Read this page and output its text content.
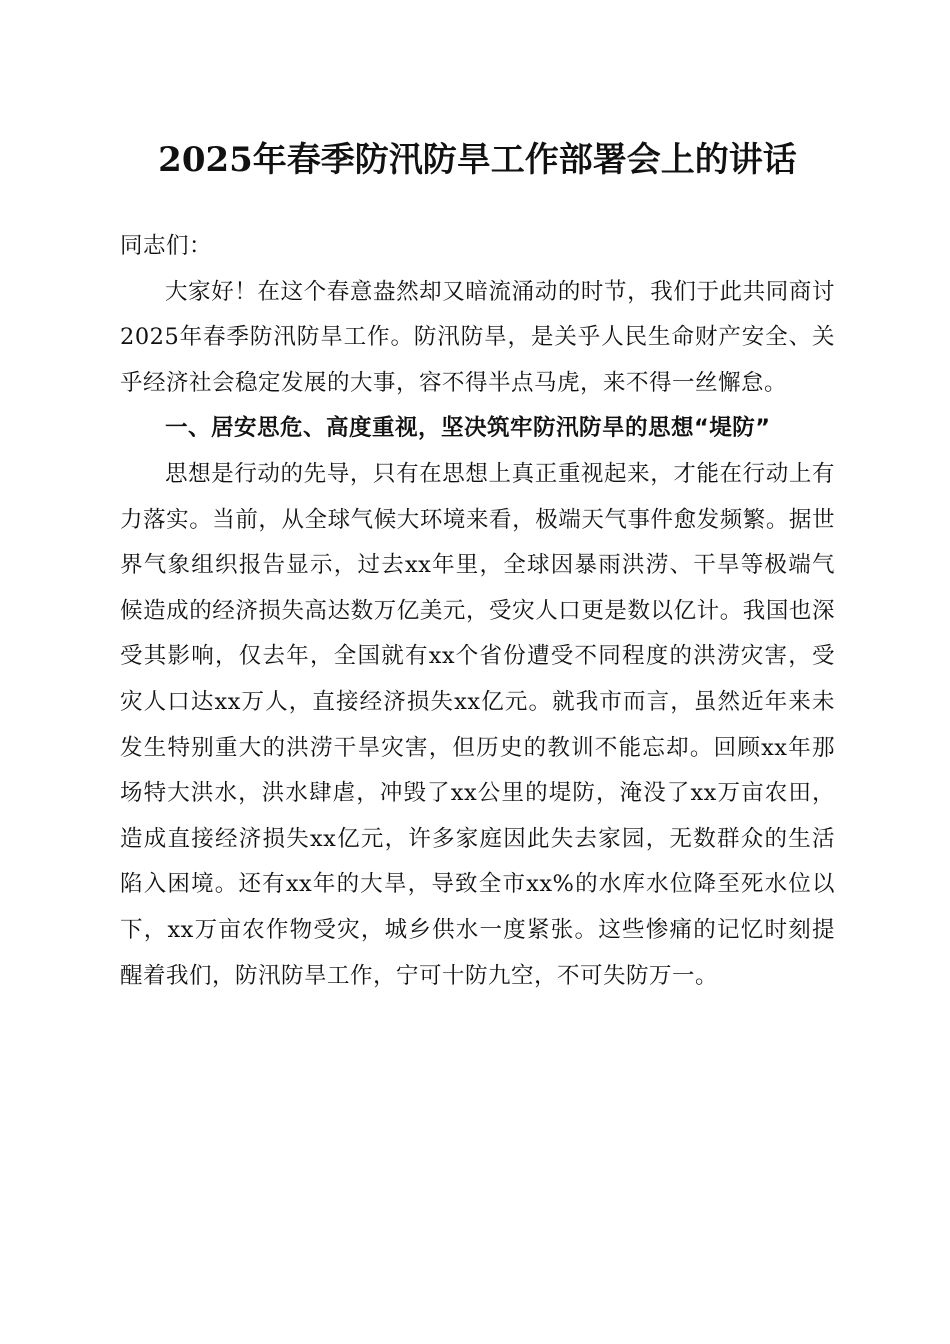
2025年春季防汛防旱工作部署会上的讲话

同志们：

大家好！在这个春意盎然却又暗流涌动的时节，我们于此共同商讨2025年春季防汛防旱工作。防汛防旱，是关乎人民生命财产安全、关乎经济社会稳定发展的大事，容不得半点马虎，来不得一丝懈怠。

一、居安思危、高度重视，坚决筑牢防汛防旱的思想“堤防”

思想是行动的先导，只有在思想上真正重视起来，才能在行动上有力落实。当前，从全球气候大环境来看，极端天气事件愈发频繁。据世界气象组织报告显示，过去xx年里，全球因暴雨洪涝、干旱等极端气候造成的经济损失高达数万亿美元，受灾人口更是数以亿计。我国也深受其影响，仅去年，全国就有xx个省份遭受不同程度的洪涝灾害，受灾人口达xx万人，直接经济损失xx亿元。就我市而言，虽然近年来未发生特别重大的洪涝干旱灾害，但历史的教训不能忘却。回顾xx年那场特大洪水，洪水肆虐，冲毁了xx公里的堤防，淹没了xx万亩农田，造成直接经济损失xx亿元，许多家庭因此失去家园，无数群众的生活陷入困境。还有xx年的大旱，导致全市xx%的水库水位降至死水位以下，xx万亩农作物受灾，城乡供水一度紧张。这些惨痛的记忆时刻提醒着我们，防汛防旱工作，宁可十防九空，不可失防万一。
